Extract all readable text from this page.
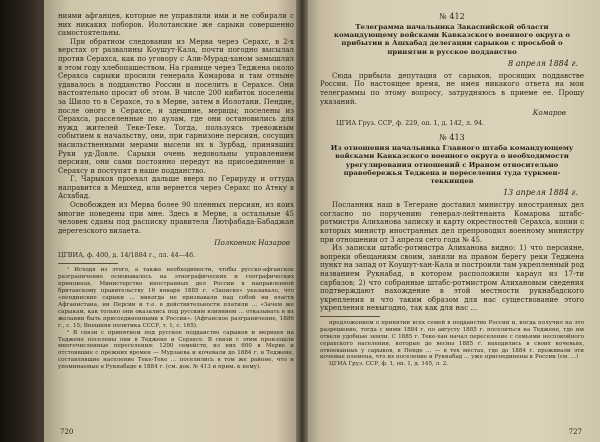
ниями афганцев, которые не управляли ими и не собирали с них никаких побоpов. Иолотанские же сарыки совершенно самостоятельны.

При обратном следовании из Мерва через Серахс, в 2-х верстах от развалины Коушут-Кала, почти погодно высылал против Серахса, как по уговору с Али-Мурад-ханом замышлял в этом году хлебопашеством. На границе через Теджена около Серахса сарыки просили генерала Комарова и там отныне удавалось в подданство России и поселить в Серахсе. Они настоятельно просят об этом. В числе 200 кибиток поселены за Шило то в Серахсе, то в Мерве, затем в Иолотани. Пендие, после оного в Серахсе, и здешние, мервцы; поселены из Серахса, расселенные по аулам, где они остановились для нужд жителей Теке-Теке. Тогда, пользуясь тревожным событием к начальству, они, при гарнизоне персиян, сосущих насильственными мерами высели их в Зурбад, принявших Руки уд-Довле. Сарыки очень недовольны управлением персиян, они сами постоянно передут на присоединение к Серахсу и поступят в наше подданство.

Г. Чарыков проехал дальше вверх по Герируду и оттуда направится в Мешхед, или вернется через Серахс по Атеку в Асхабад.

Освобожден из Мерва более 90 пленных персиян, из коих многие поведены при мне. Здесь в Мерве, а остальные 45 человек сданы под расписку правителя Лютфабада-Бабаджан дерегезского вилаета.

Полковник Назаров
ЦГВИА, ф. 400, д. 14/1884 г., лл. 44—46.

¹ Исходя из этого, а также необходимости, чтобы русско-афганское разграничение основывалось на этнографических и географических принципах, Министерство иностранных дел России в направленной британскому правительству 16 января 1885 г. «Записке» указывало, что «пендинские сарыки ... никогда не признавали над собой ни власти Афганистана, ни Персии и т.е. в действительности платили ... «Зачем же сарыкам, как только они оказались под русским влиянием ... отказывать в их желании быть присоединенными к России». (Афганское разграничение, 1886 г., с. 15; Внешняя политика СССР, т. 1, с. 165).

² В связи с принятием под русское подданство сарыков и мервцев на Теджене поселены они в Теджене и Серахсе. В связи с этим произошли многочисленные переселения: 1200 семейств, из них 600 в Мерве и отстоявшие с прежних времен — Мурзаева и кочевали до 1884 г. в Теджене, составлявшие население Теке-Теке ... поселились в том же районе, что и упоминаемые в Рукнабаде в 1884 г. (см. док. № 413 и прим. к нему).

720
№ 412
Телеграмма начальника Закаспийской области командующему войсками Кавказского военного округа о прибытии в Ашхабад делегации сарыков с просьбой о принятии в русское подданство
8 апреля 1884 г.

Сюда прибыла депутация от сарыков, просящих поддавстве России. По настоящее время, не имея никакого ответа на мои телеграммы по этому вопросу, затрудняюсь в приеме ее. Прошу указаний.

Комаров
ЦГИА Груз. ССР, ф. 229, оп. 1, д. 142, л. 94.
№ 413
Из отношения начальника Главного штаба командующему войсками Кавказского военного округа о необходимости урегулирования отношений с Ираном относительно правобережья Теджена и переселения туда туркмен-теккинцев
13 апреля 1884 г.

Посланник наш в Тегеране доставил министру иностранных дел согласно по поручению генерал-лейтенанта Комарова штабс-ротмистра Алиханова записку и карту окрестностей Серахса, копии с которых министр иностранных дел препроводил военному министру при отношении от 3 апреля сего года № 45.

Из записки штабс-ротмистра Алиханова видно: 1) что персияне, вопреки обещаниям своим, заняли на правом берегу реки Теджена пункт на запад от Коушут-хан-Кала и построили там укрепленный род названием Рукнабад, в котором расположили караул из 17-ти сарбазов; 2) что собранные штабс-ротмистром Алихановым сведения подтверждают нахождение в этой местности рукнабадского укрепления и что таким образом для нас существование этого укрепления невыгодно, так как для нас ...

предложением о принятии всех семей в подданство России и, когда получил на это разрешение, тогда с ними 1884 г. по августу 1885 г. поселиться на Теджене, где им отвели удобные земли. С 1885 г. Теке-хан начал переселение с семьями неспокойного серахского населения, которые до весны 1885 г. находились в своих кочевьях, отвоеванных у сарыков, в Пенде ... — в тех местах, где до 1884 г. проживали эти кочевые племена, что их поселение и Рукнабад ... уже присоединены к России (см. ...)

ЦГИА Груз. ССР, ф. 1, оп. 1, д. 145, л. 2.

727
